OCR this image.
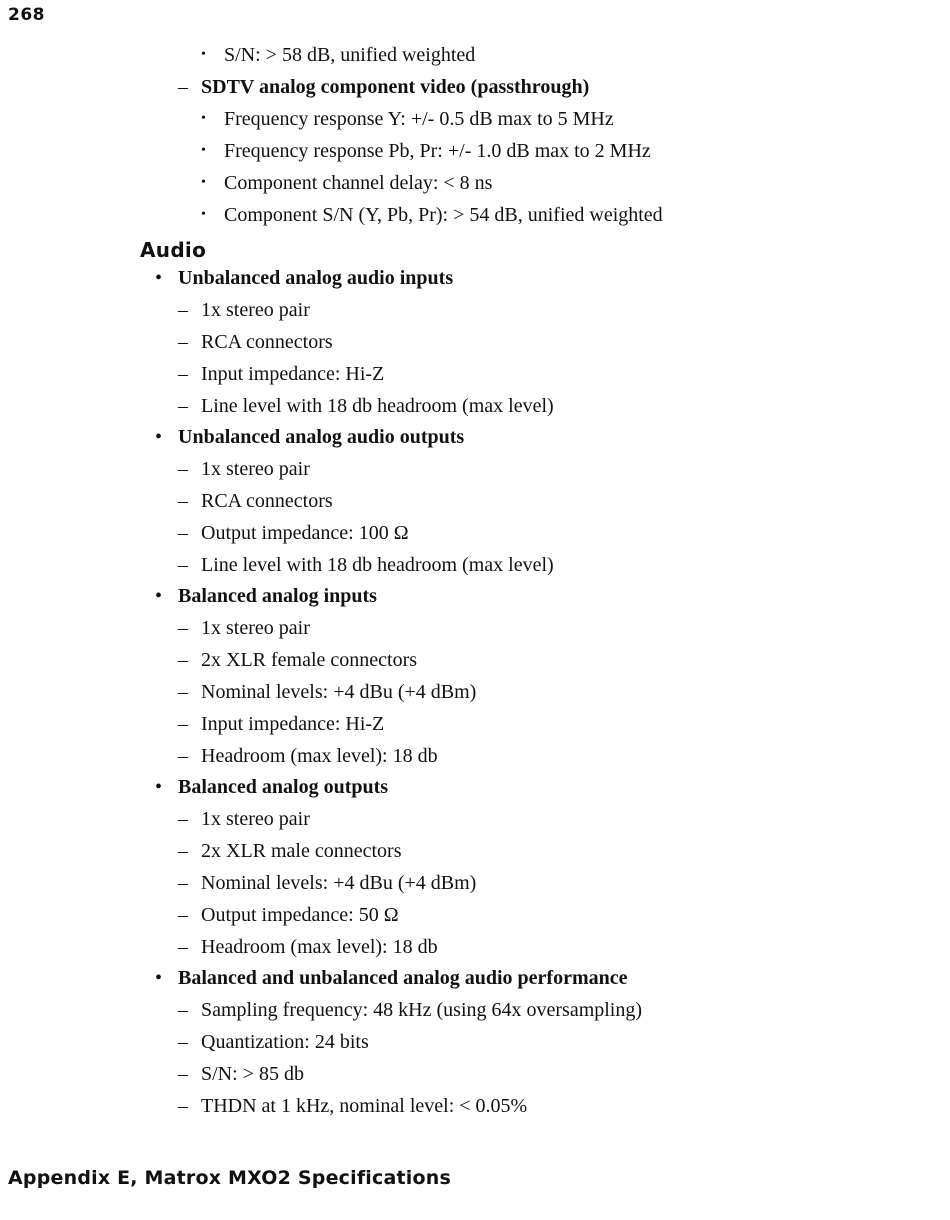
268
• S/N: > 58 dB, unified weighted
– SDTV analog component video (passthrough)
• Frequency response Y: +/- 0.5 dB max to 5 MHz
• Frequency response Pb, Pr: +/- 1.0 dB max to 2 MHz
• Component channel delay: < 8 ns
• Component S/N (Y, Pb, Pr): > 54 dB, unified weighted
Audio
• Unbalanced analog audio inputs
– 1x stereo pair
– RCA connectors
– Input impedance: Hi-Z
– Line level with 18 db headroom (max level)
• Unbalanced analog audio outputs
– 1x stereo pair
– RCA connectors
– Output impedance: 100 Ω
– Line level with 18 db headroom (max level)
• Balanced analog inputs
– 1x stereo pair
– 2x XLR female connectors
– Nominal levels: +4 dBu (+4 dBm)
– Input impedance: Hi-Z
– Headroom (max level): 18 db
• Balanced analog outputs
– 1x stereo pair
– 2x XLR male connectors
– Nominal levels: +4 dBu (+4 dBm)
– Output impedance: 50 Ω
– Headroom (max level): 18 db
• Balanced and unbalanced analog audio performance
– Sampling frequency: 48 kHz (using 64x oversampling)
– Quantization: 24 bits
– S/N: > 85 db
– THDN at 1 kHz, nominal level: < 0.05%
Appendix E, Matrox MXO2 Specifications
